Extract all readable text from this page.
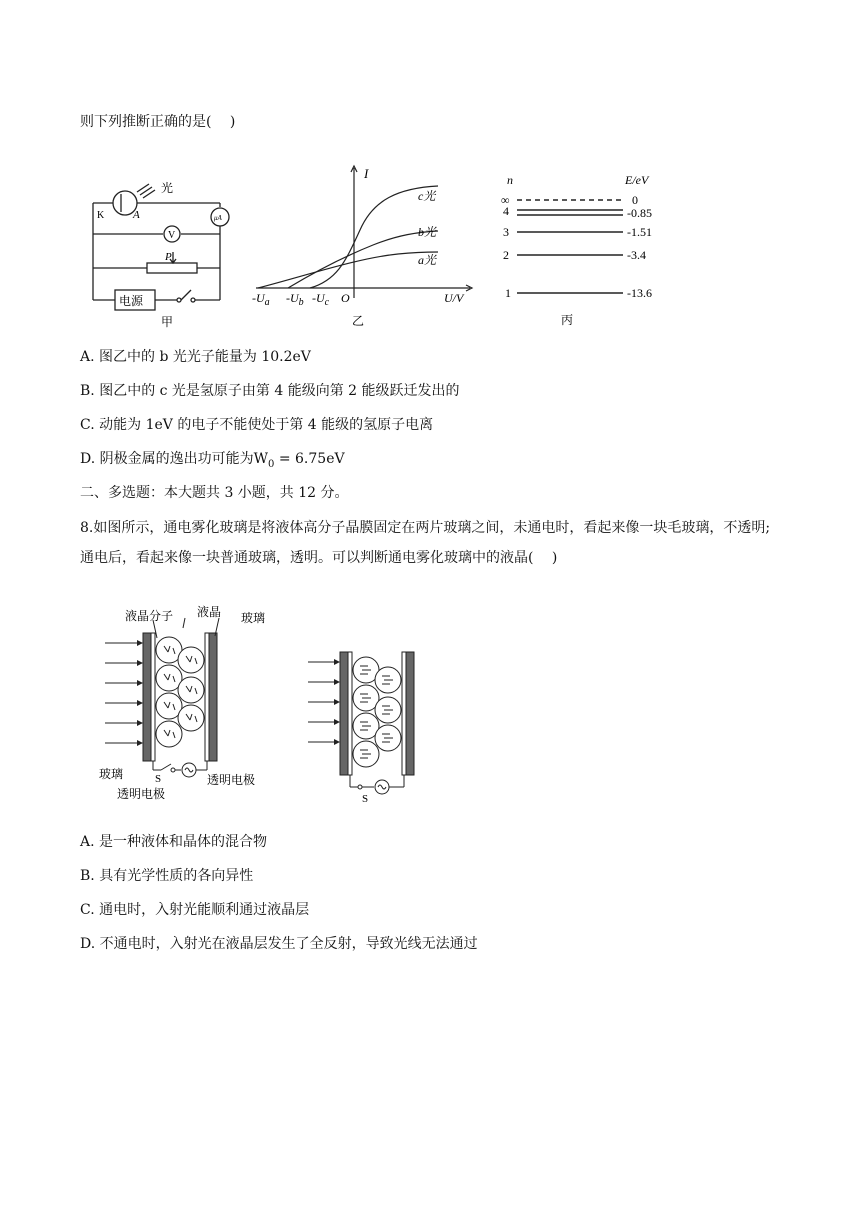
则下列推断正确的是(　 )
光
K	A	μA
V
P
电源
甲
I
U/V
O
c光
b光
a光
$-U_a$ $-U_b$ $-U_c$
乙
n	E/eV
∞
4
3
2
1
0
-0.85
-1.51
-3.4
-13.6
丙
A. 图乙中的 b 光光子能量为 10.2eV
B. 图乙中的 c 光是氢原子由第 4 能级向第 2 能级跃迁发出的
C. 动能为 1eV 的电子不能使处于第 4 能级的氢原子电离
D. 阴极金属的逸出功可能为$W_0 = 6.75eV$
二、多选题：本大题共 3 小题，共 12 分。
8.如图所示，通电雾化玻璃是将液体高分子晶膜固定在两片玻璃之间，未通电时，看起来像一块毛玻璃，不透明;通电后，看起来像一块普通玻璃，透明。可以判断通电雾化玻璃中的液晶(　 )
液晶分子 液晶 玻璃
玻璃	S
透明电极
透明电极
S
A. 是一种液体和晶体的混合物
B. 具有光学性质的各向异性
C. 通电时，入射光能顺利通过液晶层
D. 不通电时，入射光在液晶层发生了全反射，导致光线无法通过
